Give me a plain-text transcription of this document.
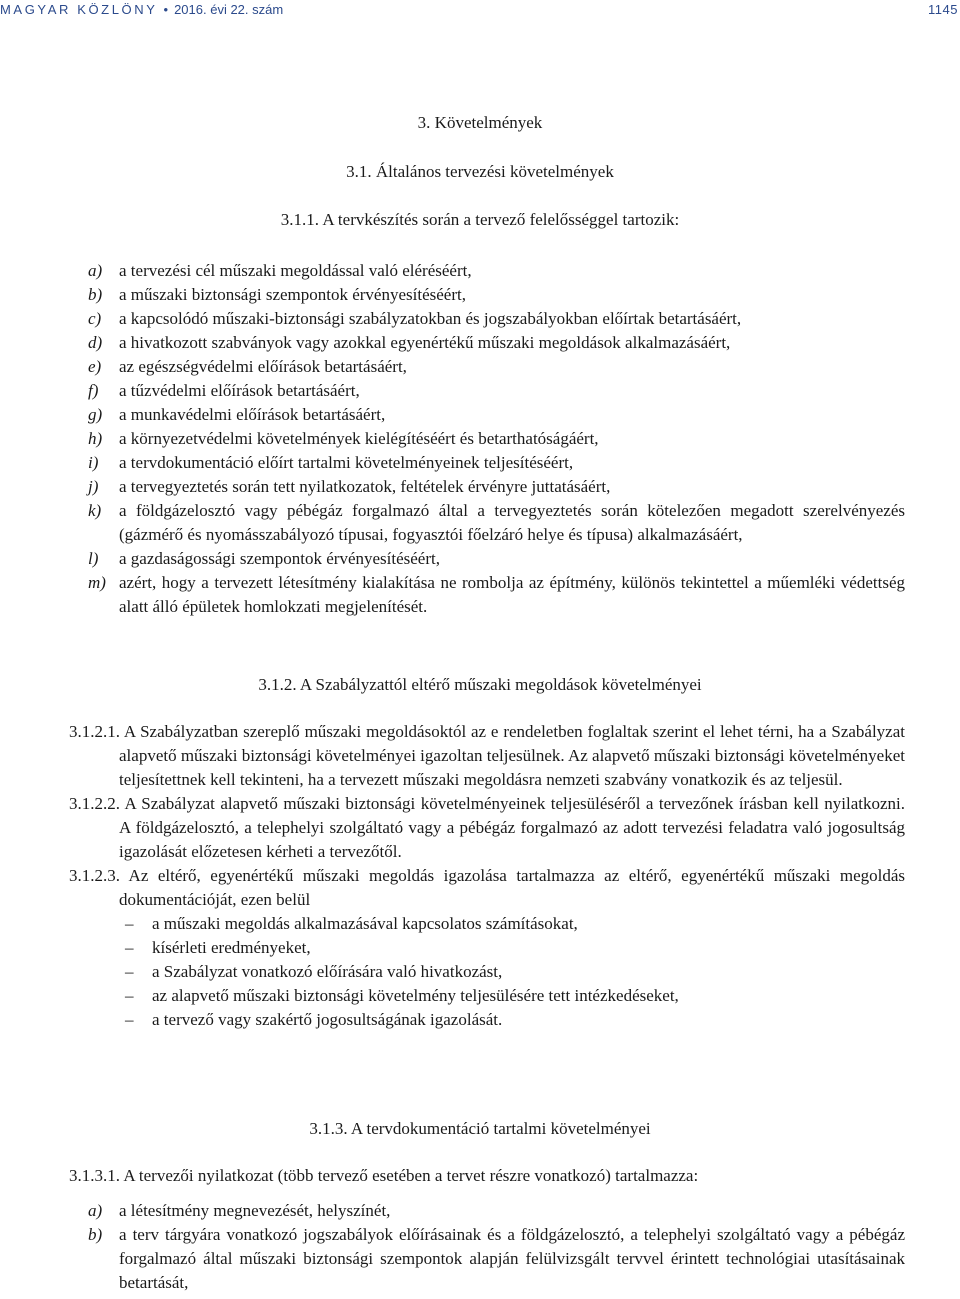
MAGYAR KÖZLÖNY • 2016. évi 22. szám	1145
3. Követelmények
3.1. Általános tervezési követelmények
3.1.1. A tervkészítés során a tervező felelősséggel tartozik:
a) a tervezési cél műszaki megoldással való eléréséért,
b) a műszaki biztonsági szempontok érvényesítéséért,
c) a kapcsolódó műszaki-biztonsági szabályzatokban és jogszabályokban előírtak betartásáért,
d) a hivatkozott szabványok vagy azokkal egyenértékű műszaki megoldások alkalmazásáért,
e) az egészségvédelmi előírások betartásáért,
f) a tűzvédelmi előírások betartásáért,
g) a munkavédelmi előírások betartásáért,
h) a környezetvédelmi követelmények kielégítéséért és betarthatóságáért,
i) a tervdokumentáció előírt tartalmi követelményeinek teljesítéséért,
j) a tervegyeztetés során tett nyilatkozatok, feltételek érvényre juttatásáért,
k) a földgázelosztó vagy pébégáz forgalmazó által a tervegyeztetés során kötelezően megadott szerelvényezés (gázmérő és nyomásszabályozó típusai, fogyasztói főelzáró helye és típusa) alkalmazásáért,
l) a gazdaságossági szempontok érvényesítéséért,
m) azért, hogy a tervezett létesítmény kialakítása ne rombolja az építmény, különös tekintettel a műemléki védettség alatt álló épületek homlokzati megjelenítését.
3.1.2. A Szabályzattól eltérő műszaki megoldások követelményei
3.1.2.1. A Szabályzatban szereplő műszaki megoldásoktól az e rendeletben foglaltak szerint el lehet térni, ha a Szabályzat alapvető műszaki biztonsági követelményei igazoltan teljesülnek. Az alapvető műszaki biztonsági követelményeket teljesítettnek kell tekinteni, ha a tervezett műszaki megoldásra nemzeti szabvány vonatkozik és az teljesül.
3.1.2.2. A Szabályzat alapvető műszaki biztonsági követelményeinek teljesüléséről a tervezőnek írásban kell nyilatkozni. A földgázelosztó, a telephelyi szolgáltató vagy a pébégáz forgalmazó az adott tervezési feladatra való jogosultság igazolását előzetesen kérheti a tervezőtől.
3.1.2.3. Az eltérő, egyenértékű műszaki megoldás igazolása tartalmazza az eltérő, egyenértékű műszaki megoldás dokumentációját, ezen belül
– a műszaki megoldás alkalmazásával kapcsolatos számításokat,
– kísérleti eredményeket,
– a Szabályzat vonatkozó előírására való hivatkozást,
– az alapvető műszaki biztonsági követelmény teljesülésére tett intézkedéseket,
– a tervező vagy szakértő jogosultságának igazolását.
3.1.3. A tervdokumentáció tartalmi követelményei
3.1.3.1. A tervezői nyilatkozat (több tervező esetében a tervet részre vonatkozó) tartalmazza:
a) a létesítmény megnevezését, helyszínét,
b) a terv tárgyára vonatkozó jogszabályok előírásainak és a földgázelosztó, a telephelyi szolgáltató vagy a pébégáz forgalmazó által műszaki biztonsági szempontok alapján felülvizsgált tervvel érintett technológiai utasításainak betartását,
